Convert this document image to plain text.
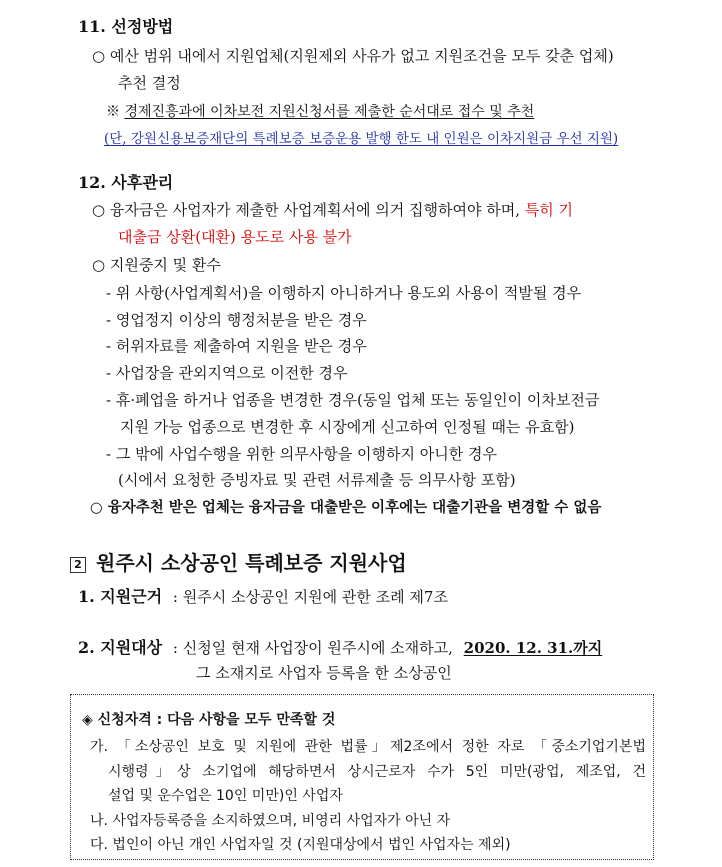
11. 선정방법
○ 예산 범위 내에서 지원업체(지원제외 사유가 없고 지원조건을 모두 갖춘 업체)
추천 결정
※ 경제진흥과에 이차보전 지원신청서를 제출한 순서대로 접수 및 추천
(단, 강원신용보증재단의 특례보증 보증운용 발행 한도 내 인원은 이차지원금 우선 지원)
12. 사후관리
○ 융자금은 사업자가 제출한 사업계획서에 의거 집행하여야 하며, 특히 기
대출금 상환(대환) 용도로 사용 불가
○ 지원중지 및 환수
- 위 사항(사업계획서)을 이행하지 아니하거나 용도외 사용이 적발될 경우
- 영업정지 이상의 행정처분을 받은 경우
- 허위자료를 제출하여 지원을 받은 경우
- 사업장을 관외지역으로 이전한 경우
- 휴·폐업을 하거나 업종을 변경한 경우(동일 업체 또는 동일인이 이차보전금
지원 가능 업종으로 변경한 후 시장에게 신고하여 인정될 때는 유효함)
- 그 밖에 사업수행을 위한 의무사항을 이행하지 아니한 경우
(시에서 요청한 증빙자료 및 관련 서류제출 등 의무사항 포함)
○ 융자추천 받은 업체는 융자금을 대출받은 이후에는 대출기관을 변경할 수 없음
2 원주시 소상공인 특례보증 지원사업
1. 지원근거 : 원주시 소상공인 지원에 관한 조례 제7조
2. 지원대상 : 신청일 현재 사업장이 원주시에 소재하고, 2020. 12. 31.까지
그 소재지로 사업자 등록을 한 소상공인
◈ 신청자격 : 다음 사항을 모두 만족할 것
가. 「소상공인 보호 및 지원에 관한 법률」제2조에서 정한 자로 「중소기업기본법
시행령」상 소기업에 해당하면서 상시근로자 수가 5인 미만(광업, 제조업, 건
설업 및 운수업은 10인 미만)인 사업자
나. 사업자등록증을 소지하였으며, 비영리 사업자가 아닌 자
다. 법인이 아닌 개인 사업자일 것 (지원대상에서 법인 사업자는 제외)
